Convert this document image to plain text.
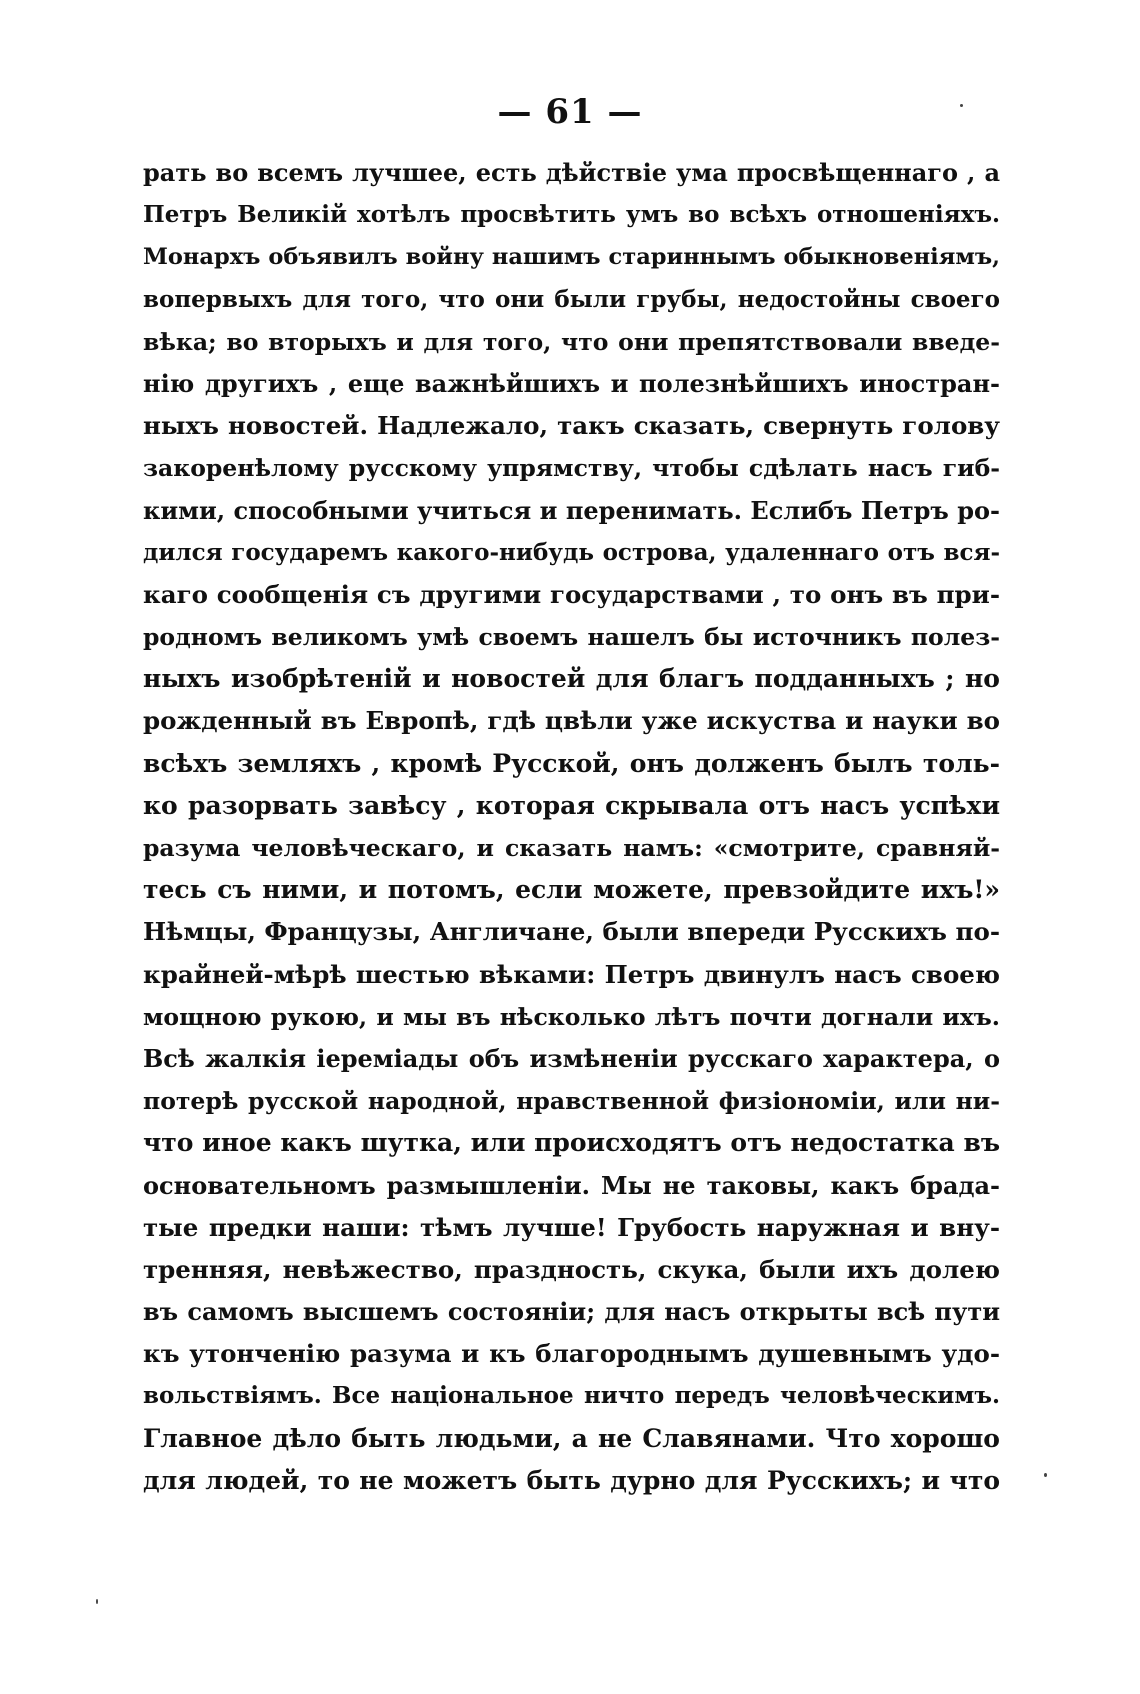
— 61 —
рать во всемъ лучшее, есть дѣйствіе ума просвѣщеннаго , а
Петръ Великій хотѣлъ просвѣтить умъ во всѣхъ отношеніяхъ.
Монархъ объявилъ войну нашимъ стариннымъ обыкновеніямъ,
вопервыхъ для того, что они были грубы, недостойны своего
вѣка; во вторыхъ и для того, что они препятствовали введе-
нію другихъ , еще важнѣйшихъ и полезнѣйшихъ иностран-
ныхъ новостей. Надлежало, такъ сказать, свернуть голову
закоренѣлому русскому упрямству, чтобы сдѣлать насъ гиб-
кими, способными учиться и перенимать. Еслибъ Петръ ро-
дился государемъ какого-нибудь острова, удаленнаго отъ вся-
каго сообщенія съ другими государствами , то онъ въ при-
родномъ великомъ умѣ своемъ нашелъ бы источникъ полез-
ныхъ изобрѣтеній и новостей для благъ подданныхъ ; но
рожденный въ Европѣ, гдѣ цвѣли уже искуства и науки во
всѣхъ земляхъ , кромѣ Русской, онъ долженъ былъ толь-
ко разорвать завѣсу , которая скрывала отъ насъ успѣхи
разума человѣческаго, и сказать намъ: «смотрите, сравняй-
тесь съ ними, и потомъ, если можете, превзойдите ихъ!»
Нѣмцы, Французы, Англичане, были впереди Русскихъ по-
крайней-мѣрѣ шестью вѣками: Петръ двинулъ насъ своею
мощною рукою, и мы въ нѣсколько лѣтъ почти догнали ихъ.
Всѣ жалкія іеремiады объ измѣненіи русскаго характера, о
потерѣ русской народной, нравственной физіономіи, или ни-
что иное какъ шутка, или происходятъ отъ недостатка въ
основательномъ размышленіи. Мы не таковы, какъ брада-
тые предки наши: тѣмъ лучше! Грубость наружная и вну-
тренняя, невѣжество, праздность, скука, были ихъ долею
въ самомъ высшемъ состояніи; для насъ открыты всѣ пути
къ утонченію разума и къ благороднымъ душевнымъ удо-
вольствіямъ. Все національное ничто передъ человѣческимъ.
Главное дѣло быть людьми, а не Славянами. Что хорошо
для людей, то не можетъ быть дурно для Русскихъ; и что
